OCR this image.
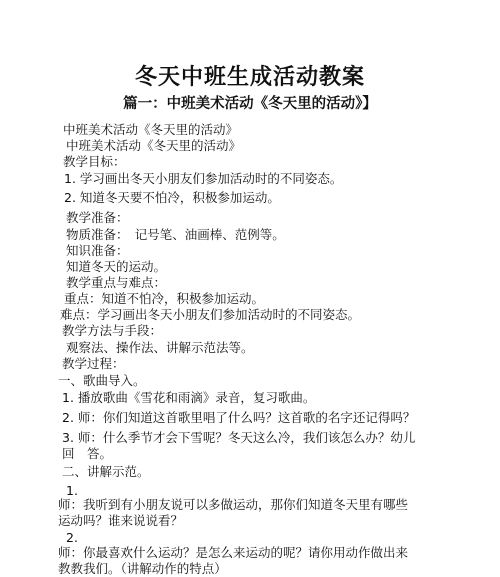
冬天中班生成活动教案
篇一：中班美术活动《冬天里的活动》】
中班美术活动《冬天里的活动》
中班美术活动《冬天里的活动》
教学目标：
1. 学习画出冬天小朋友们参加活动时的不同姿态。
2. 知道冬天要不怕冷，积极参加运动。
教学准备：
物质准备：　记号笔、油画棒、范例等。
知识准备：
知道冬天的运动。
教学重点与难点：
重点：知道不怕冷，积极参加运动。
难点：学习画出冬天小朋友们参加活动时的不同姿态。
教学方法与手段：
观察法、操作法、讲解示范法等。
教学过程：
一、歌曲导入。
1. 播放歌曲《雪花和雨滴》录音，复习歌曲。
2. 师：你们知道这首歌里唱了什么吗？这首歌的名字还记得吗？
3. 师：什么季节才会下雪呢？冬天这么冷，我们该怎么办？幼儿
回　答。
二、讲解示范。
1.
师：我听到有小朋友说可以多做运动，那你们知道冬天里有哪些
运动吗？谁来说说看？
2.
师：你最喜欢什么运动？是怎么来运动的呢？请你用动作做出来
教教我们。（讲解动作的特点）
